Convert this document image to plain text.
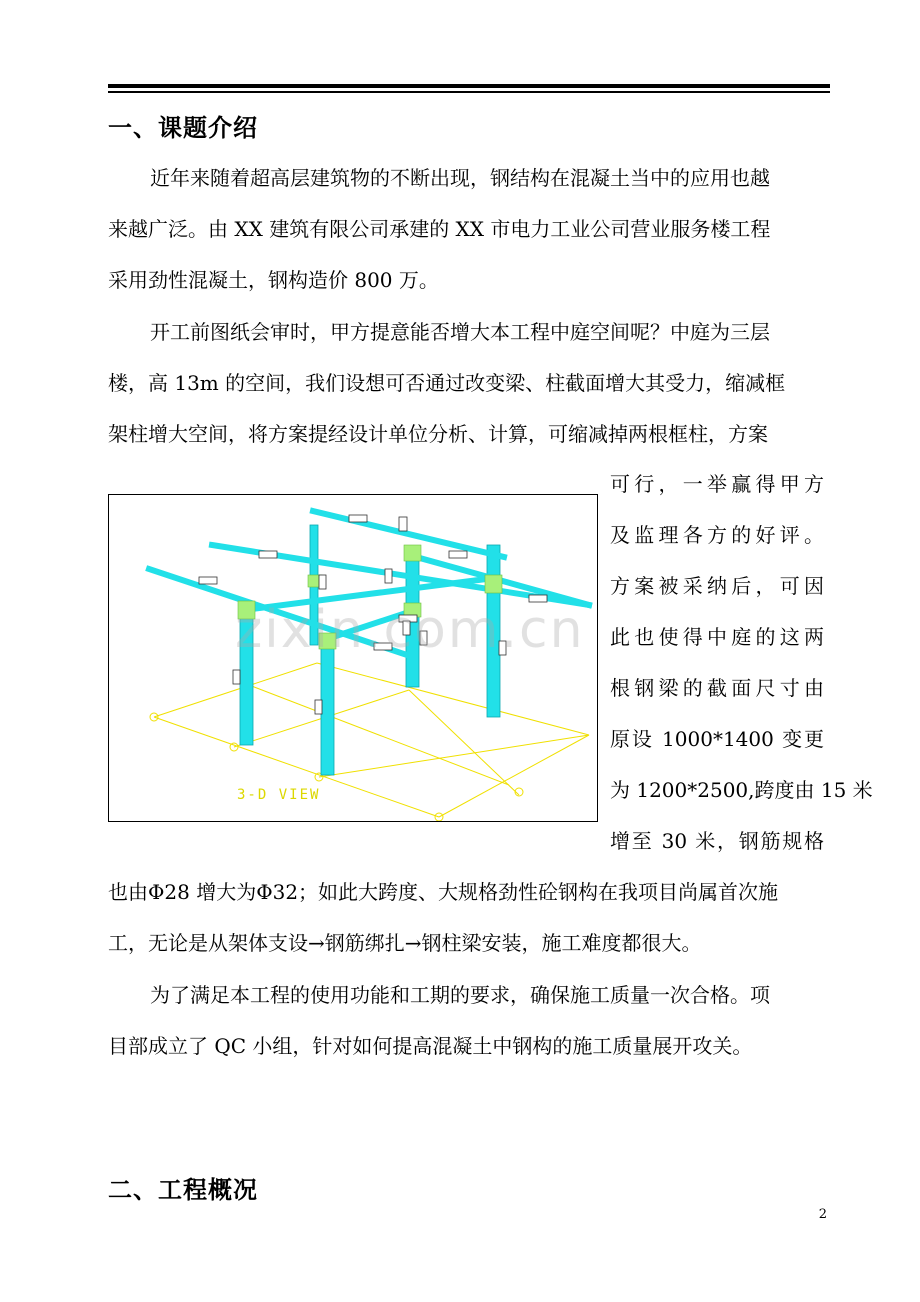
一、课题介绍
近年来随着超高层建筑物的不断出现，钢结构在混凝土当中的应用也越
来越广泛。由 XX 建筑有限公司承建的 XX 市电力工业公司营业服务楼工程
采用劲性混凝土，钢构造价 800 万。
开工前图纸会审时，甲方提意能否增大本工程中庭空间呢？中庭为三层
楼，高 13m 的空间，我们设想可否通过改变梁、柱截面增大其受力，缩减框
架柱增大空间，将方案提经设计单位分析、计算，可缩减掉两根框柱，方案
可行，一举赢得甲方
及监理各方的好评。
方案被采纳后，可因
此也使得中庭的这两
根钢梁的截面尺寸由
原设 1000*1400 变更
为 1200*2500,跨度由 15 米
增至 30 米，钢筋规格
也由Φ28 增大为Φ32；如此大跨度、大规格劲性砼钢构在我项目尚属首次施
工，无论是从架体支设→钢筋绑扎→钢柱梁安装，施工难度都很大。
为了满足本工程的使用功能和工期的要求，确保施工质量一次合格。项
目部成立了 QC 小组，针对如何提高混凝土中钢构的施工质量展开攻关。
3-D VIEW
zixin.com.cn
二、工程概况
2
